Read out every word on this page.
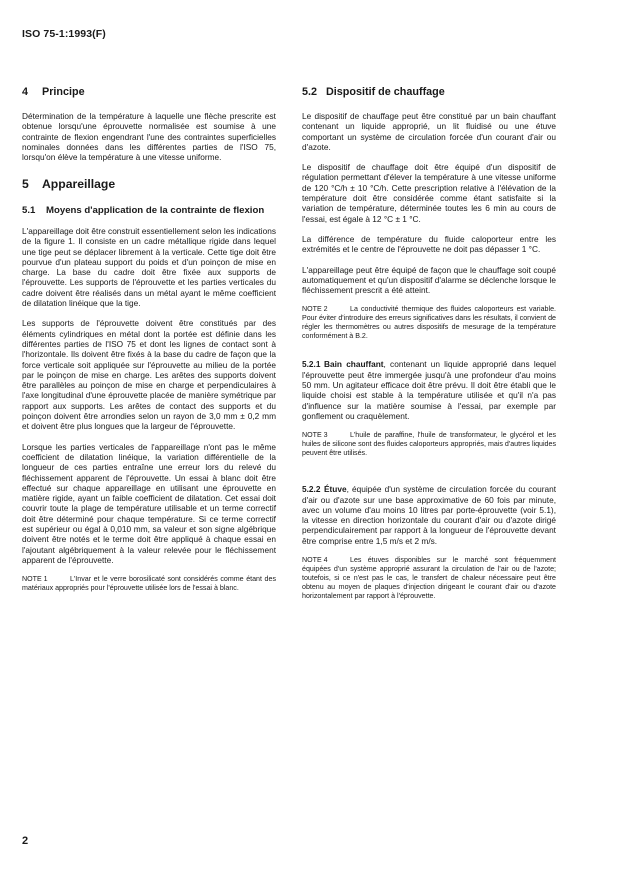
ISO 75-1:1993(F)
4 Principe

Détermination de la température à laquelle une flèche prescrite est obtenue lorsqu'une éprouvette normalisée est soumise à une contrainte de flexion engendrant l'une des contraintes superficielles nominales données dans les différentes parties de l'ISO 75, lorsqu'on élève la température à une vitesse uniforme.

5 Appareillage
5.1 Moyens d'application de la contrainte de flexion

L'appareillage doit être construit essentiellement selon les indications de la figure 1. Il consiste en un cadre métallique rigide dans lequel une tige peut se déplacer librement à la verticale. Cette tige doit être pourvue d'un plateau support du poids et d'un poinçon de mise en charge. La base du cadre doit être fixée aux supports de l'éprouvette. Les supports de l'éprouvette et les parties verticales du cadre doivent être réalisés dans un métal ayant le même coefficient de dilatation linéique que la tige.

Les supports de l'éprouvette doivent être constitués par des éléments cylindriques en métal dont la portée est définie dans les différentes parties de l'ISO 75 et dont les lignes de contact sont à l'horizontale. Ils doivent être fixés à la base du cadre de façon que la force verticale soit appliquée sur l'éprouvette au milieu de la portée par le poinçon de mise en charge. Les arêtes des supports doivent être parallèles au poinçon de mise en charge et perpendiculaires à l'axe longitudinal d'une éprouvette placée de manière symétrique par rapport aux supports. Les arêtes de contact des supports et du poinçon doivent être arrondies selon un rayon de 3,0 mm ± 0,2 mm et doivent être plus longues que la largeur de l'éprouvette.

Lorsque les parties verticales de l'appareillage n'ont pas le même coefficient de dilatation linéique, la variation différentielle de la longueur de ces parties entraîne une erreur lors du relevé du fléchissement apparent de l'éprouvette. Un essai à blanc doit être effectué sur chaque appareillage en utilisant une éprouvette en matière rigide, ayant un faible coefficient de dilatation. Cet essai doit couvrir toute la plage de température utilisable et un terme correctif doit être déterminé pour chaque température. Si ce terme correctif est supérieur ou égal à 0,010 mm, sa valeur et son signe algébrique doivent être notés et le terme doit être appliqué à chaque essai en l'ajoutant algébriquement à la valeur relevée pour le fléchissement apparent de l'éprouvette.

NOTE 1	L'Invar et le verre borosilicaté sont considérés comme étant des matériaux appropriés pour l'éprouvette utilisée lors de l'essai à blanc.
5.2 Dispositif de chauffage

Le dispositif de chauffage peut être constitué par un bain chauffant contenant un liquide approprié, un lit fluidisé ou une étuve comportant un système de circulation forcée d'un courant d'air ou d'azote.

Le dispositif de chauffage doit être équipé d'un dispositif de régulation permettant d'élever la température à une vitesse uniforme de 120 °C/h ± 10 °C/h. Cette prescription relative à l'élévation de la température doit être considérée comme étant satisfaite si la variation de température, déterminée toutes les 6 min au cours de l'essai, est égale à 12 °C ± 1 °C.

La différence de température du fluide caloporteur entre les extrémités et le centre de l'éprouvette ne doit pas dépasser 1 °C.

L'appareillage peut être équipé de façon que le chauffage soit coupé automatiquement et qu'un dispositif d'alarme se déclenche lorsque le fléchissement prescrit a été atteint.

NOTE 2	La conductivité thermique des fluides caloporteurs est variable. Pour éviter d'introduire des erreurs significatives dans les résultats, il convient de régler les thermomètres ou autres dispositifs de mesurage de la température conformément à B.2.

5.2.1 Bain chauffant, contenant un liquide approprié dans lequel l'éprouvette peut être immergée jusqu'à une profondeur d'au moins 50 mm. Un agitateur efficace doit être prévu. Il doit être établi que le liquide choisi est stable à la température utilisée et qu'il n'a pas d'influence sur la matière soumise à l'essai, par exemple par gonflement ou craquèlement.

NOTE 3	L'huile de paraffine, l'huile de transformateur, le glycérol et les huiles de silicone sont des fluides caloporteurs appropriés, mais d'autres liquides peuvent être utilisés.

5.2.2 Étuve, équipée d'un système de circulation forcée du courant d'air ou d'azote sur une base approximative de 60 fois par minute, avec un volume d'au moins 10 litres par porte-éprouvette (voir 5.1), la vitesse en direction horizontale du courant d'air ou d'azote dirigé perpendiculairement par rapport à la longueur de l'éprouvette devant être comprise entre 1,5 m/s et 2 m/s.

NOTE 4	Les étuves disponibles sur le marché sont fréquemment équipées d'un système approprié assurant la circulation de l'air ou de l'azote; toutefois, si ce n'est pas le cas, le transfert de chaleur nécessaire peut être obtenu au moyen de plaques d'injection dirigeant le courant d'air ou d'azote horizontalement par rapport à l'éprouvette.
2
